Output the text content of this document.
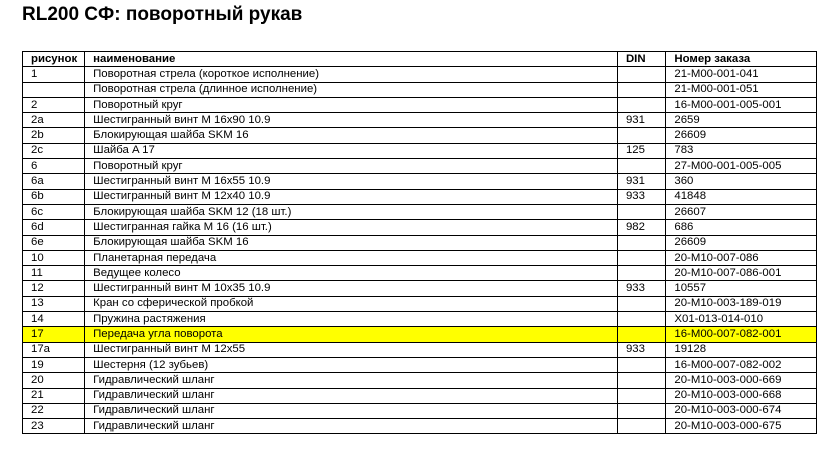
RL200 СФ: поворотный рукав
рисунок	наименование	DIN	Номер заказа
1	Поворотная стрела (короткое исполнение)		21-M00-001-041
	Поворотная стрела (длинное исполнение)		21-M00-001-051
2	Поворотный круг		16-M00-001-005-001
2a	Шестигранный винт M 16x90 10.9	931	2659
2b	Блокирующая шайба SKM 16		26609
2c	Шайба A 17	125	783
6	Поворотный круг		27-M00-001-005-005
6a	Шестигранный винт M 16x55 10.9	931	360
6b	Шестигранный винт M 12x40 10.9	933	41848
6c	Блокирующая шайба SKM 12 (18 шт.)		26607
6d	Шестигранная гайка M 16 (16 шт.)	982	686
6e	Блокирующая шайба SKM 16		26609
10	Планетарная передача		20-M10-007-086
11	Ведущее колесо		20-M10-007-086-001
12	Шестигранный винт M 10x35 10.9	933	10557
13	Кран со сферической пробкой		20-M10-003-189-019
14	Пружина растяжения		X01-013-014-010
17	Передача угла поворота		16-M00-007-082-001
17a	Шестигранный винт M 12x55	933	19128
19	Шестерня (12 зубьев)		16-M00-007-082-002
20	Гидравлический шланг		20-M10-003-000-669
21	Гидравлический шланг		20-M10-003-000-668
22	Гидравлический шланг		20-M10-003-000-674
23	Гидравлический шланг		20-M10-003-000-675
